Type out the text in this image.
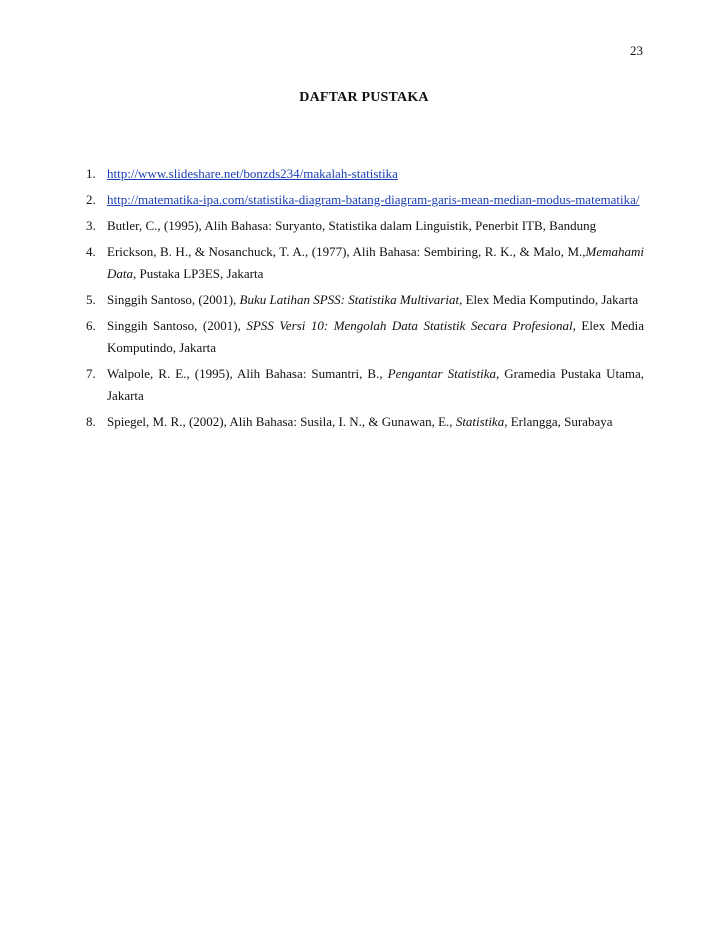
23
DAFTAR PUSTAKA
1. http://www.slideshare.net/bonzds234/makalah-statistika
2. http://matematika-ipa.com/statistika-diagram-batang-diagram-garis-mean-median-modus-matematika/
3. Butler, C., (1995), Alih Bahasa: Suryanto, Statistika dalam Linguistik, Penerbit ITB, Bandung
4. Erickson, B. H., & Nosanchuck, T. A., (1977), Alih Bahasa: Sembiring, R. K., & Malo, M.,Memahami Data, Pustaka LP3ES, Jakarta
5. Singgih Santoso, (2001), Buku Latihan SPSS: Statistika Multivariat, Elex Media Komputindo, Jakarta
6. Singgih Santoso, (2001), SPSS Versi 10: Mengolah Data Statistik Secara Profesional, Elex Media Komputindo, Jakarta
7. Walpole, R. E., (1995), Alih Bahasa: Sumantri, B., Pengantar Statistika, Gramedia Pustaka Utama, Jakarta
8. Spiegel, M. R., (2002), Alih Bahasa: Susila, I. N., & Gunawan, E., Statistika, Erlangga, Surabaya
